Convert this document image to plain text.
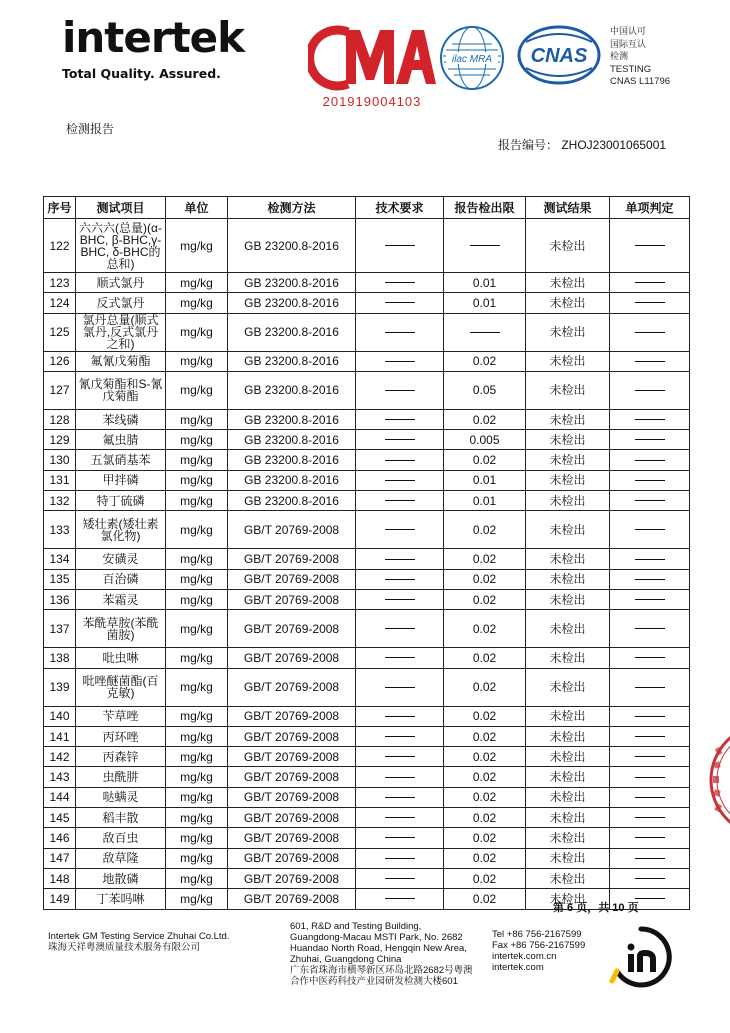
intertek
Total Quality. Assured.
201919004103
ilac MRA CNAS
中国认可
国际互认
检测
TESTING
CNAS L11796
检测报告
报告编号： ZHOJ23001065001
序号	测试项目	单位	检测方法	技术要求	报告检出限	测试结果	单项判定
122	六六六(总量)(α-BHC, β-BHC,γ-BHC, δ-BHC的总和)	mg/kg	GB 23200.8-2016			未检出	

123	顺式氯丹	mg/kg	GB 23200.8-2016		0.01	未检出	

124	反式氯丹	mg/kg	GB 23200.8-2016		0.01	未检出	

125	氯丹总量(顺式氯丹,反式氯丹之和)	mg/kg	GB 23200.8-2016			未检出	

126	氟氰戊菊酯	mg/kg	GB 23200.8-2016		0.02	未检出	

127	氰戊菊酯和S-氰戊菊酯	mg/kg	GB 23200.8-2016		0.05	未检出	

128	苯线磷	mg/kg	GB 23200.8-2016		0.02	未检出	

129	氟虫腈	mg/kg	GB 23200.8-2016		0.005	未检出	

130	五氯硝基苯	mg/kg	GB 23200.8-2016		0.02	未检出	

131	甲拌磷	mg/kg	GB 23200.8-2016		0.01	未检出	

132	特丁硫磷	mg/kg	GB 23200.8-2016		0.01	未检出	

133	矮壮素(矮壮素氯化物)	mg/kg	GB/T 20769-2008		0.02	未检出	

134	安磺灵	mg/kg	GB/T 20769-2008		0.02	未检出	

135	百治磷	mg/kg	GB/T 20769-2008		0.02	未检出	

136	苯霜灵	mg/kg	GB/T 20769-2008		0.02	未检出	

137	苯酰草胺(苯酰菌胺)	mg/kg	GB/T 20769-2008		0.02	未检出	

138	吡虫啉	mg/kg	GB/T 20769-2008		0.02	未检出	

139	吡唑醚菌酯(百克敏)	mg/kg	GB/T 20769-2008		0.02	未检出	

140	苄草唑	mg/kg	GB/T 20769-2008		0.02	未检出	

141	丙环唑	mg/kg	GB/T 20769-2008		0.02	未检出	

142	丙森锌	mg/kg	GB/T 20769-2008		0.02	未检出	

143	虫酰肼	mg/kg	GB/T 20769-2008		0.02	未检出	

144	哒螨灵	mg/kg	GB/T 20769-2008		0.02	未检出	

145	稻丰散	mg/kg	GB/T 20769-2008		0.02	未检出	

146	敌百虫	mg/kg	GB/T 20769-2008		0.02	未检出	

147	敌草隆	mg/kg	GB/T 20769-2008		0.02	未检出	

148	地散磷	mg/kg	GB/T 20769-2008		0.02	未检出	

149	丁苯吗啉	mg/kg	GB/T 20769-2008		0.02	未检出	
第 6 页，共 10 页
Intertek GM Testing Service Zhuhai Co.Ltd.
珠海天祥粤澳质量技术服务有限公司
601, R&D and Testing Building,
Guangdong-Macau MSTI Park, No. 2682
Huandao North Road, Hengqin New Area,
Zhuhai, Guangdong China
广东省珠海市横琴新区环岛北路2682号粤澳
合作中医药科技产业园研发检测大楼601
Tel +86 756-2167599
Fax +86 756-2167599
intertek.com.cn
intertek.com
